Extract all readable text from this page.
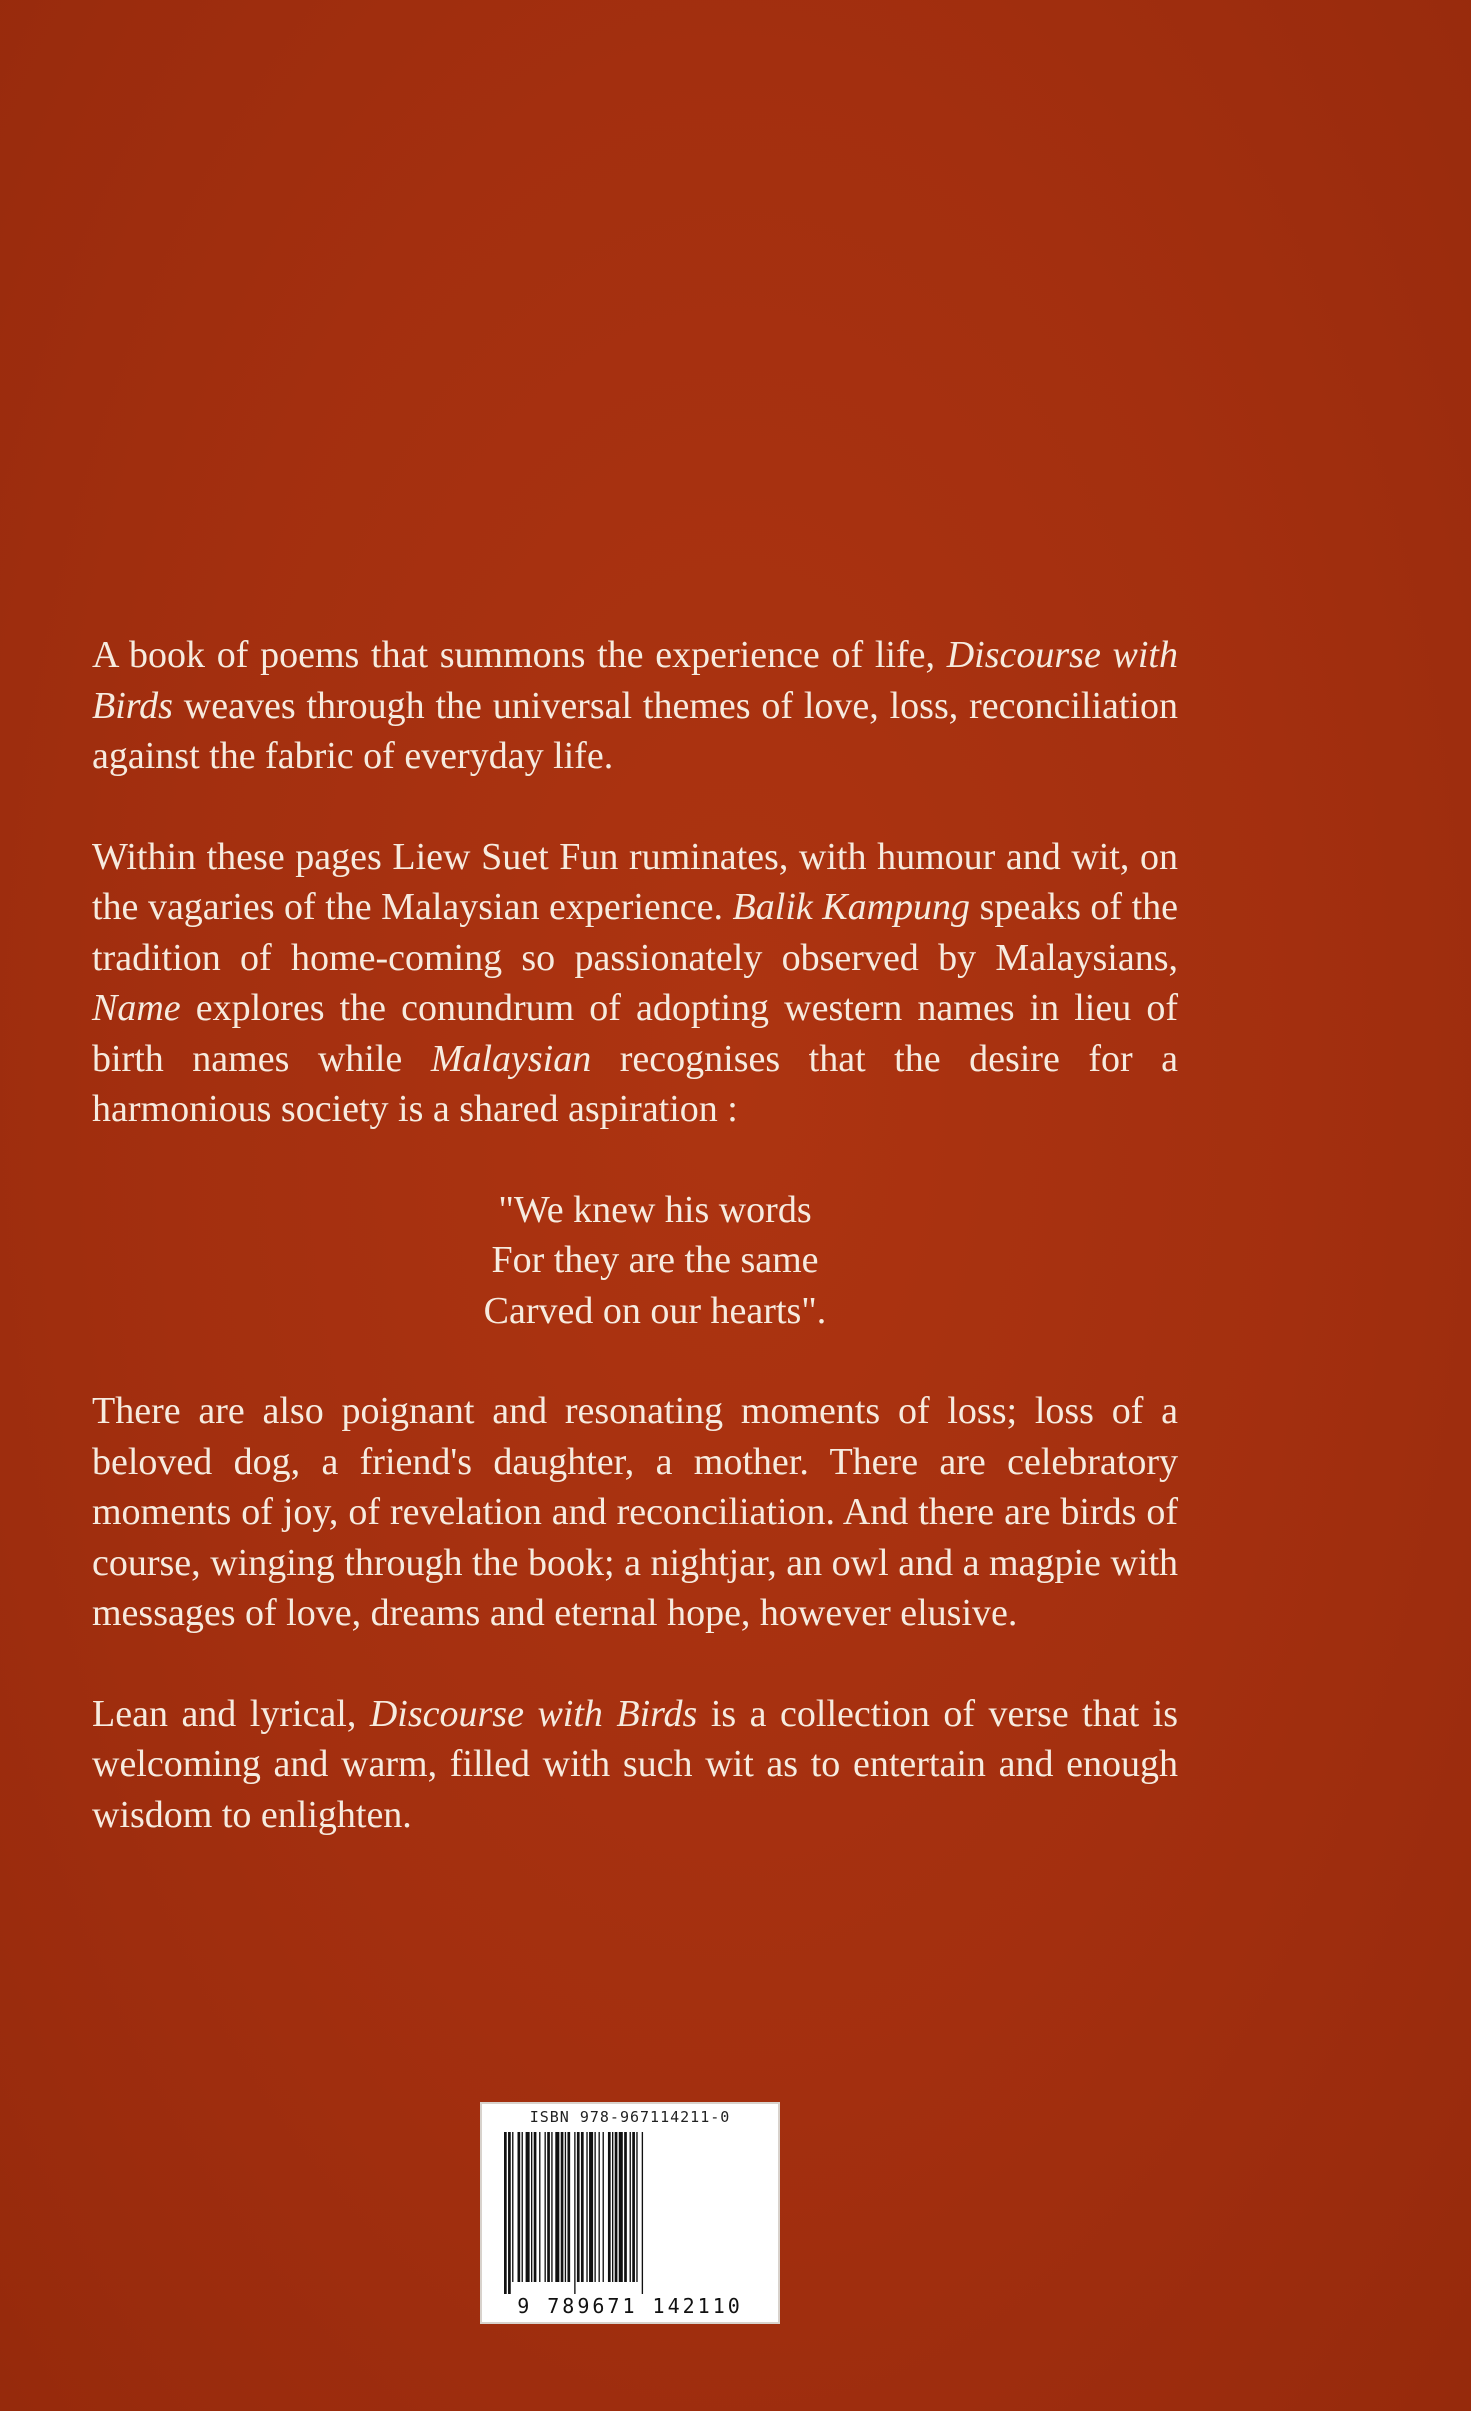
A book of poems that summons the experience of life, Discourse with Birds weaves through the universal themes of love, loss, reconciliation against the fabric of everyday life.

Within these pages Liew Suet Fun ruminates, with humour and wit, on the vagaries of the Malaysian experience. Balik Kampung speaks of the tradition of home-coming so passionately observed by Malaysians, Name explores the conundrum of adopting western names in lieu of birth names while Malaysian recognises that the desire for a harmonious society is a shared aspiration :

"We knew his words
For they are the same
Carved on our hearts".

There are also poignant and resonating moments of loss; loss of a beloved dog, a friend's daughter, a mother. There are celebratory moments of joy, of revelation and reconciliation. And there are birds of course, winging through the book; a nightjar, an owl and a magpie with messages of love, dreams and eternal hope, however elusive.

Lean and lyrical, Discourse with Birds is a collection of verse that is welcoming and warm, filled with such wit as to entertain and enough wisdom to enlighten.

ISBN 978-967114211-0
9 789671 142110
